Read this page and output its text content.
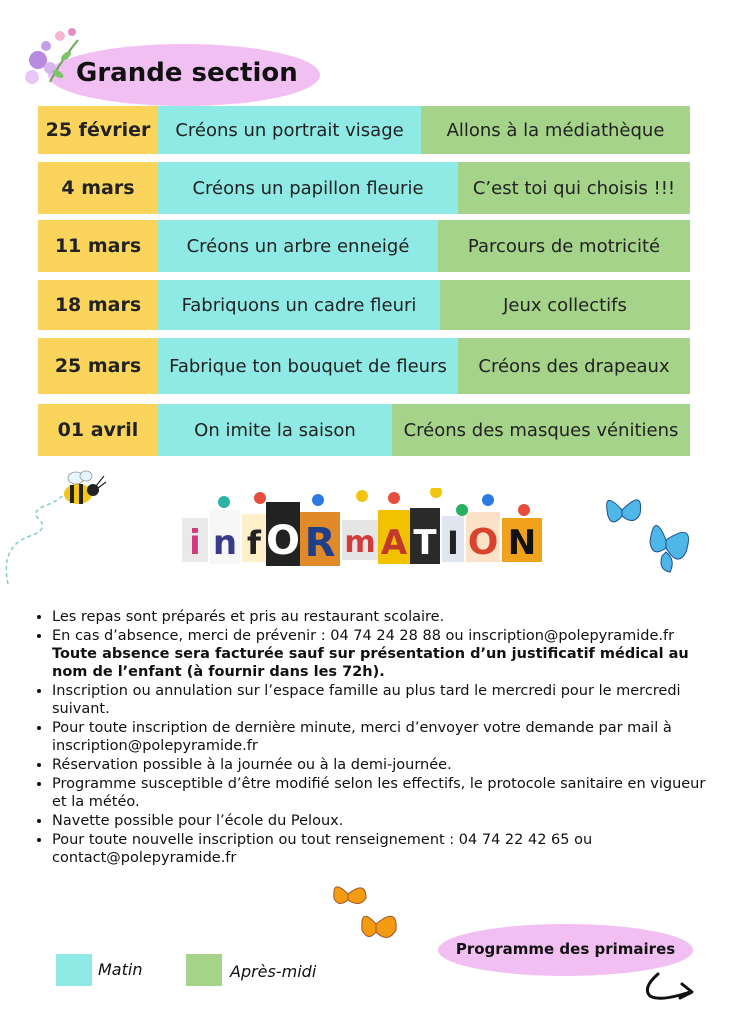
Grande section
25 février	Créons un portrait visage	Allons à la médiathèque
4 mars	Créons un papillon fleurie	C’est toi qui choisis !!!
11 mars	Créons un arbre enneigé	Parcours de motricité
18 mars	Fabriquons un cadre fleuri	Jeux collectifs
25 mars	Fabrique ton bouquet de fleurs	Créons des drapeaux
01 avril	On imite la saison	Créons des masques vénitiens
i n f O R m A T I O N
• Les repas sont préparés et pris au restaurant scolaire.
• En cas d’absence, merci de prévenir : 04 74 24 28 88 ou inscription@polepyramide.fr
Toute absence sera facturée sauf sur présentation d’un justificatif médical au nom de l’enfant (à fournir dans les 72h).
• Inscription ou annulation sur l’espace famille au plus tard le mercredi pour le mercredi suivant.
• Pour toute inscription de dernière minute, merci d’envoyer votre demande par mail à inscription@polepyramide.fr
• Réservation possible à la journée ou à la demi-journée.
• Programme susceptible d’être modifié selon les effectifs, le protocole sanitaire en vigueur et la météo.
• Navette possible pour l’école du Peloux.
• Pour toute nouvelle inscription ou tout renseignement : 04 74 22 42 65 ou contact@polepyramide.fr
Matin	Après-midi
Programme des primaires
